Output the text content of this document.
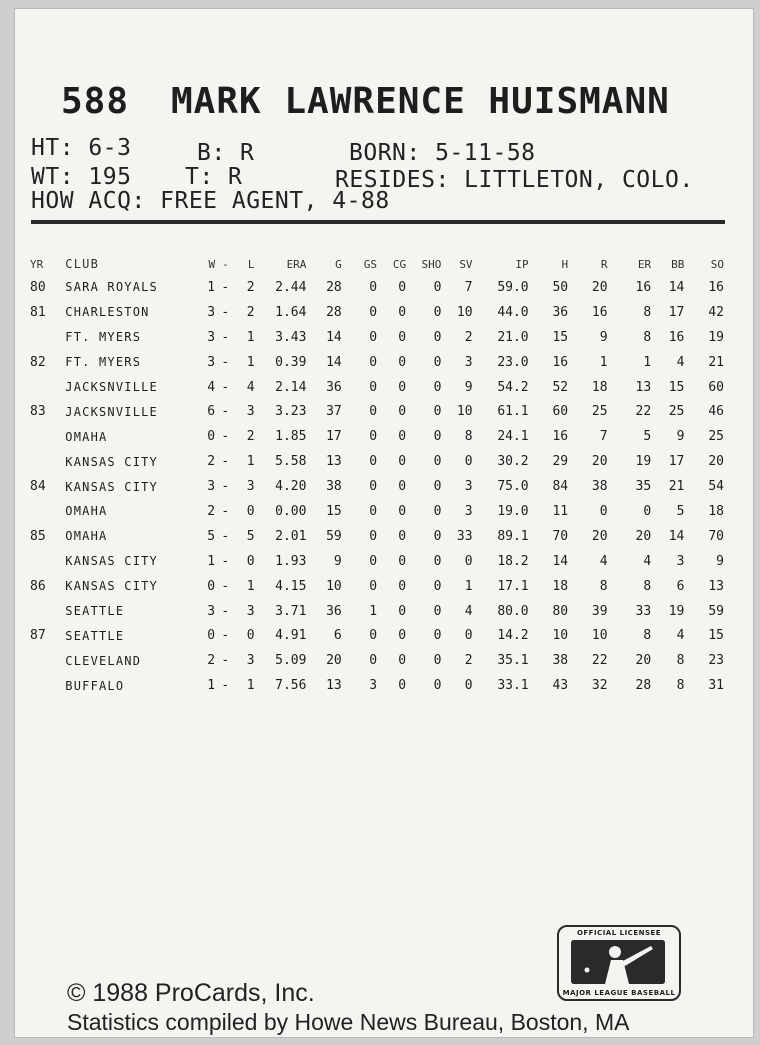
588 MARK LAWRENCE HUISMANN
HT: 6-3	B: R	BORN: 5-11-58
WT: 195 T: R	RESIDES: LITTLETON, COLO.
HOW ACQ: FREE AGENT, 4-88
YR	CLUB	W	-	L	ERA	G	GS	CG	SHO	SV	IP	H	R	ER	BB	SO
80	SARA ROYALS	1	-	2	2.44	28	0	0	0	7	59.0	50	20	16	14	16
81	CHARLESTON	3	-	2	1.64	28	0	0	0	10	44.0	36	16	8	17	42
	FT. MYERS	3	-	1	3.43	14	0	0	0	2	21.0	15	9	8	16	19
82	FT. MYERS	3	-	1	0.39	14	0	0	0	3	23.0	16	1	1	4	21
	JACKSNVILLE	4	-	4	2.14	36	0	0	0	9	54.2	52	18	13	15	60
83	JACKSNVILLE	6	-	3	3.23	37	0	0	0	10	61.1	60	25	22	25	46
	OMAHA	0	-	2	1.85	17	0	0	0	8	24.1	16	7	5	9	25
	KANSAS CITY	2	-	1	5.58	13	0	0	0	0	30.2	29	20	19	17	20
84	KANSAS CITY	3	-	3	4.20	38	0	0	0	3	75.0	84	38	35	21	54
	OMAHA	2	-	0	0.00	15	0	0	0	3	19.0	11	0	0	5	18
85	OMAHA	5	-	5	2.01	59	0	0	0	33	89.1	70	20	20	14	70
	KANSAS CITY	1	-	0	1.93	9	0	0	0	0	18.2	14	4	4	3	9
86	KANSAS CITY	0	-	1	4.15	10	0	0	0	1	17.1	18	8	8	6	13
	SEATTLE	3	-	3	3.71	36	1	0	0	4	80.0	80	39	33	19	59
87	SEATTLE	0	-	0	4.91	6	0	0	0	0	14.2	10	10	8	4	15
	CLEVELAND	2	-	3	5.09	20	0	0	0	2	35.1	38	22	20	8	23
	BUFFALO	1	-	1	7.56	13	3	0	0	0	33.1	43	32	28	8	31
OFFICIAL LICENSEE
MAJOR LEAGUE BASEBALL
© 1988 ProCards, Inc.
Statistics compiled by Howe News Bureau, Boston, MA
